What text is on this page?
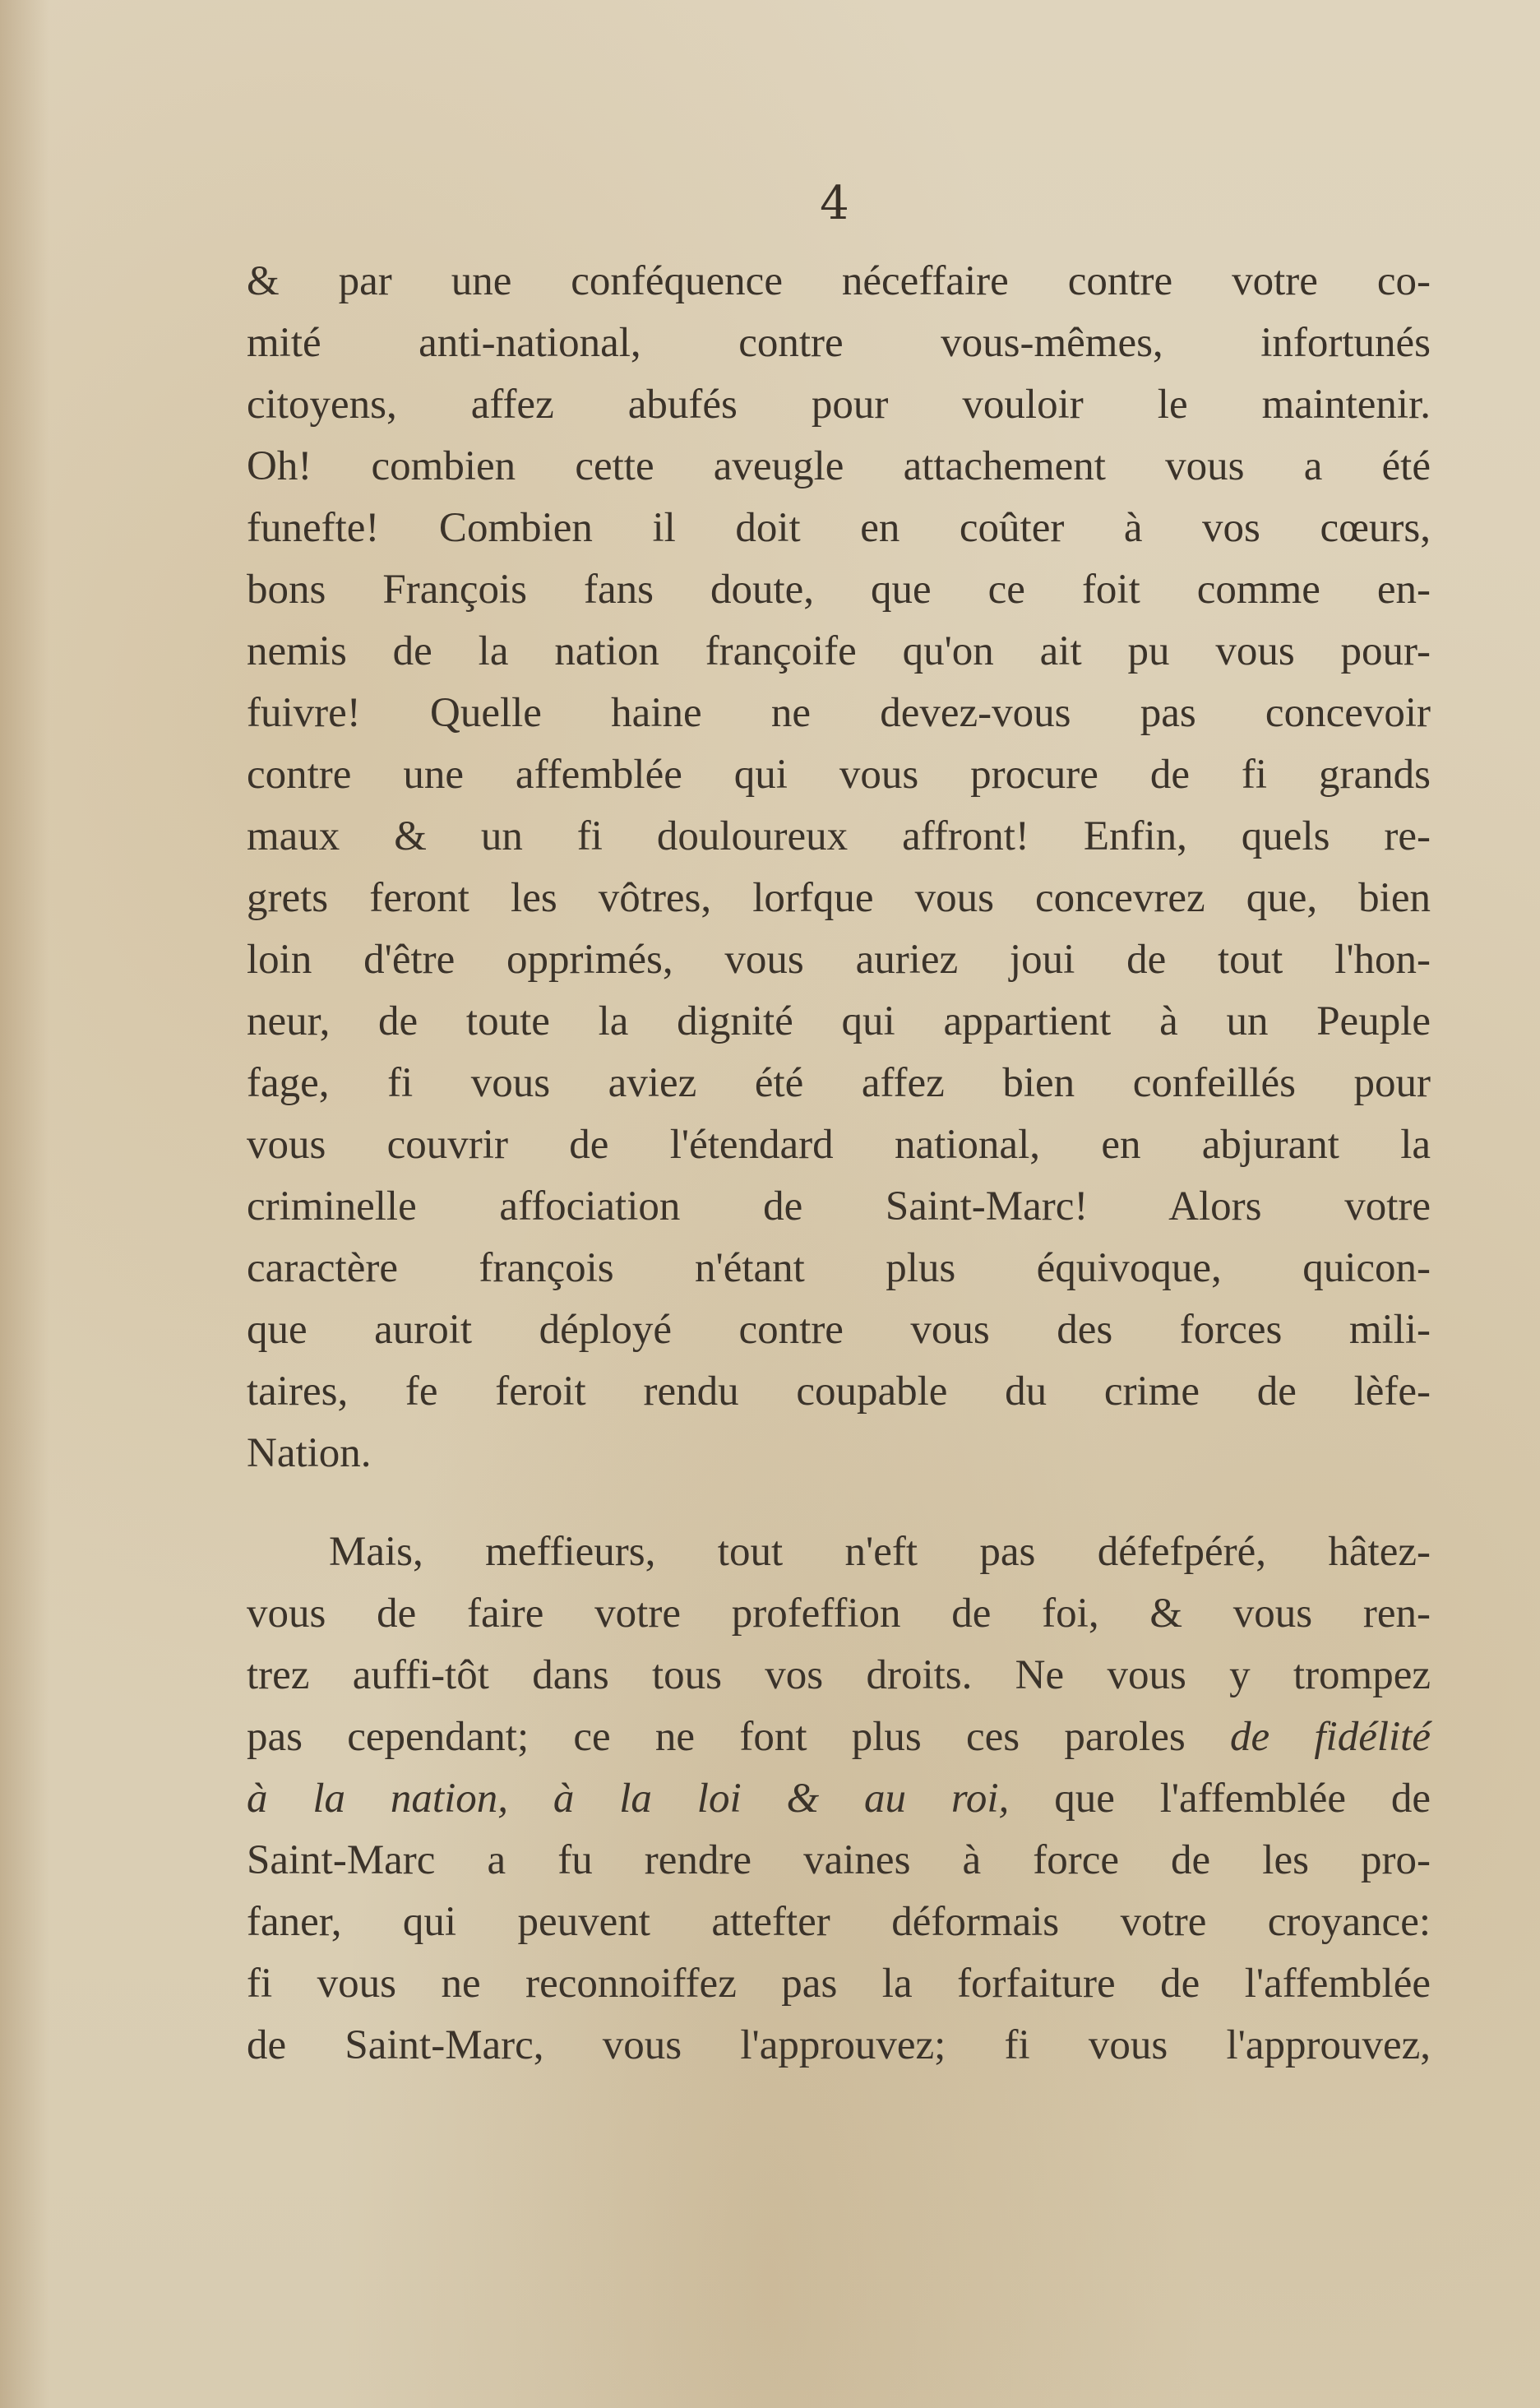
4
& par une conféquence néceffaire contre votre co-
mité anti-national, contre vous-mêmes, infortunés
citoyens, affez abufés pour vouloir le maintenir.
Oh! combien cette aveugle attachement vous a été
funefte! Combien il doit en coûter à vos cœurs,
bons François fans doute, que ce foit comme en-
nemis de la nation françoife qu'on ait pu vous pour-
fuivre! Quelle haine ne devez-vous pas concevoir
contre une affemblée qui vous procure de fi grands
maux & un fi douloureux affront! Enfin, quels re-
grets feront les vôtres, lorfque vous concevrez que, bien
loin d'être opprimés, vous auriez joui de tout l'hon-
neur, de toute la dignité qui appartient à un Peuple
fage, fi vous aviez été affez bien confeillés pour
vous couvrir de l'étendard national, en abjurant la
criminelle affociation de Saint-Marc! Alors votre
caractère françois n'étant plus équivoque, quicon-
que auroit déployé contre vous des forces mili-
taires, fe feroit rendu coupable du crime de lèfe-
Nation.
Mais, meffieurs, tout n'eft pas défefpéré, hâtez-
vous de faire votre profeffion de foi, & vous ren-
trez auffi-tôt dans tous vos droits. Ne vous y trompez
pas cependant; ce ne font plus ces paroles de fidélité
à la nation, à la loi & au roi, que l'affemblée de
Saint-Marc a fu rendre vaines à force de les pro-
faner, qui peuvent attefter déformais votre croyance:
fi vous ne reconnoiffez pas la forfaiture de l'affemblée
de Saint-Marc, vous l'approuvez; fi vous l'approuvez,
